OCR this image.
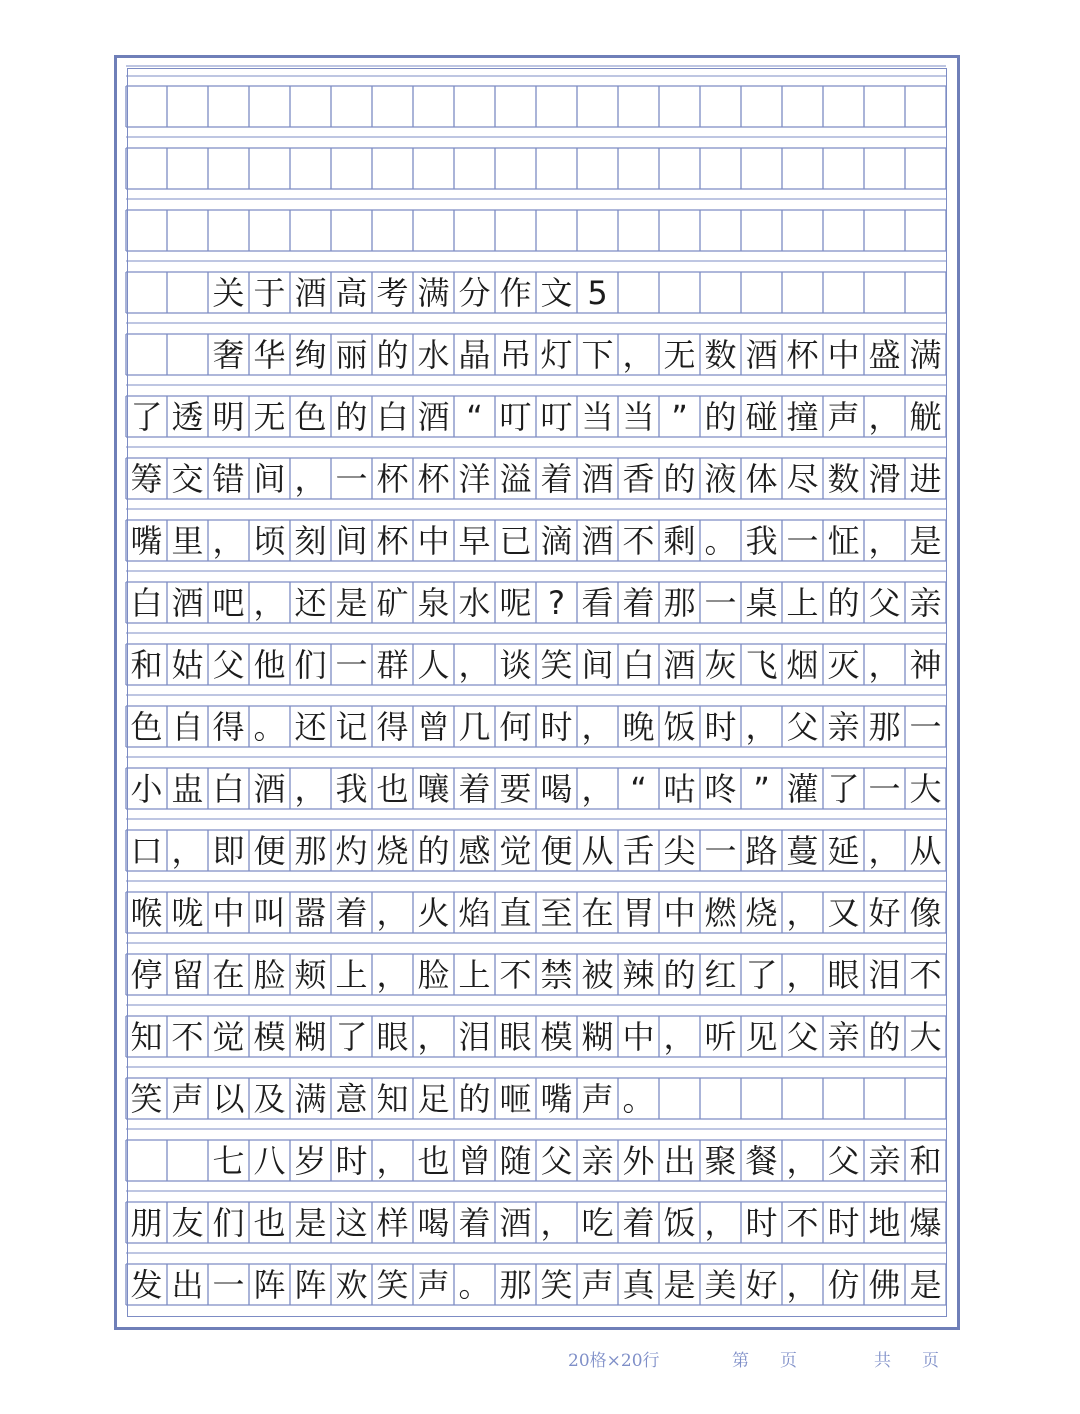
关 于 酒 高 考 满 分 作 文 5
奢 华 绚 丽 的 水 晶 吊 灯 下 ， 无 数 酒 杯 中 盛 满
了 透 明 无 色 的 白 酒 “ 叮 叮 当 当 ” 的 碰 撞 声 ， 觥
筹 交 错 间 ， 一 杯 杯 洋 溢 着 酒 香 的 液 体 尽 数 滑 进
嘴 里 ， 顷 刻 间 杯 中 早 已 滴 酒 不 剩 。 我 一 怔 ， 是
白 酒 吧 ， 还 是 矿 泉 水 呢 ? 看 着 那 一 桌 上 的 父 亲
和 姑 父 他 们 一 群 人 ， 谈 笑 间 白 酒 灰 飞 烟 灭 ， 神
色 自 得 。 还 记 得 曾 几 何 时 ， 晚 饭 时 ， 父 亲 那 一
小 盅 白 酒 ， 我 也 嚷 着 要 喝 ， “ 咕 咚 ” 灌 了 一 大
口 ， 即 便 那 灼 烧 的 感 觉 便 从 舌 尖 一 路 蔓 延 ， 从
喉 咙 中 叫 嚣 着 ， 火 焰 直 至 在 胃 中 燃 烧 ， 又 好 像
停 留 在 脸 颊 上 ， 脸 上 不 禁 被 辣 的 红 了 ， 眼 泪 不
知 不 觉 模 糊 了 眼 ， 泪 眼 模 糊 中 ， 听 见 父 亲 的 大
笑 声 以 及 满 意 知 足 的 咂 嘴 声 。
七 八 岁 时 ， 也 曾 随 父 亲 外 出 聚 餐 ， 父 亲 和
朋 友 们 也 是 这 样 喝 着 酒 ， 吃 着 饭 ， 时 不 时 地 爆
发 出 一 阵 阵 欢 笑 声 。 那 笑 声 真 是 美 好 ， 仿 佛 是
20格×20行	第 页	共 页
